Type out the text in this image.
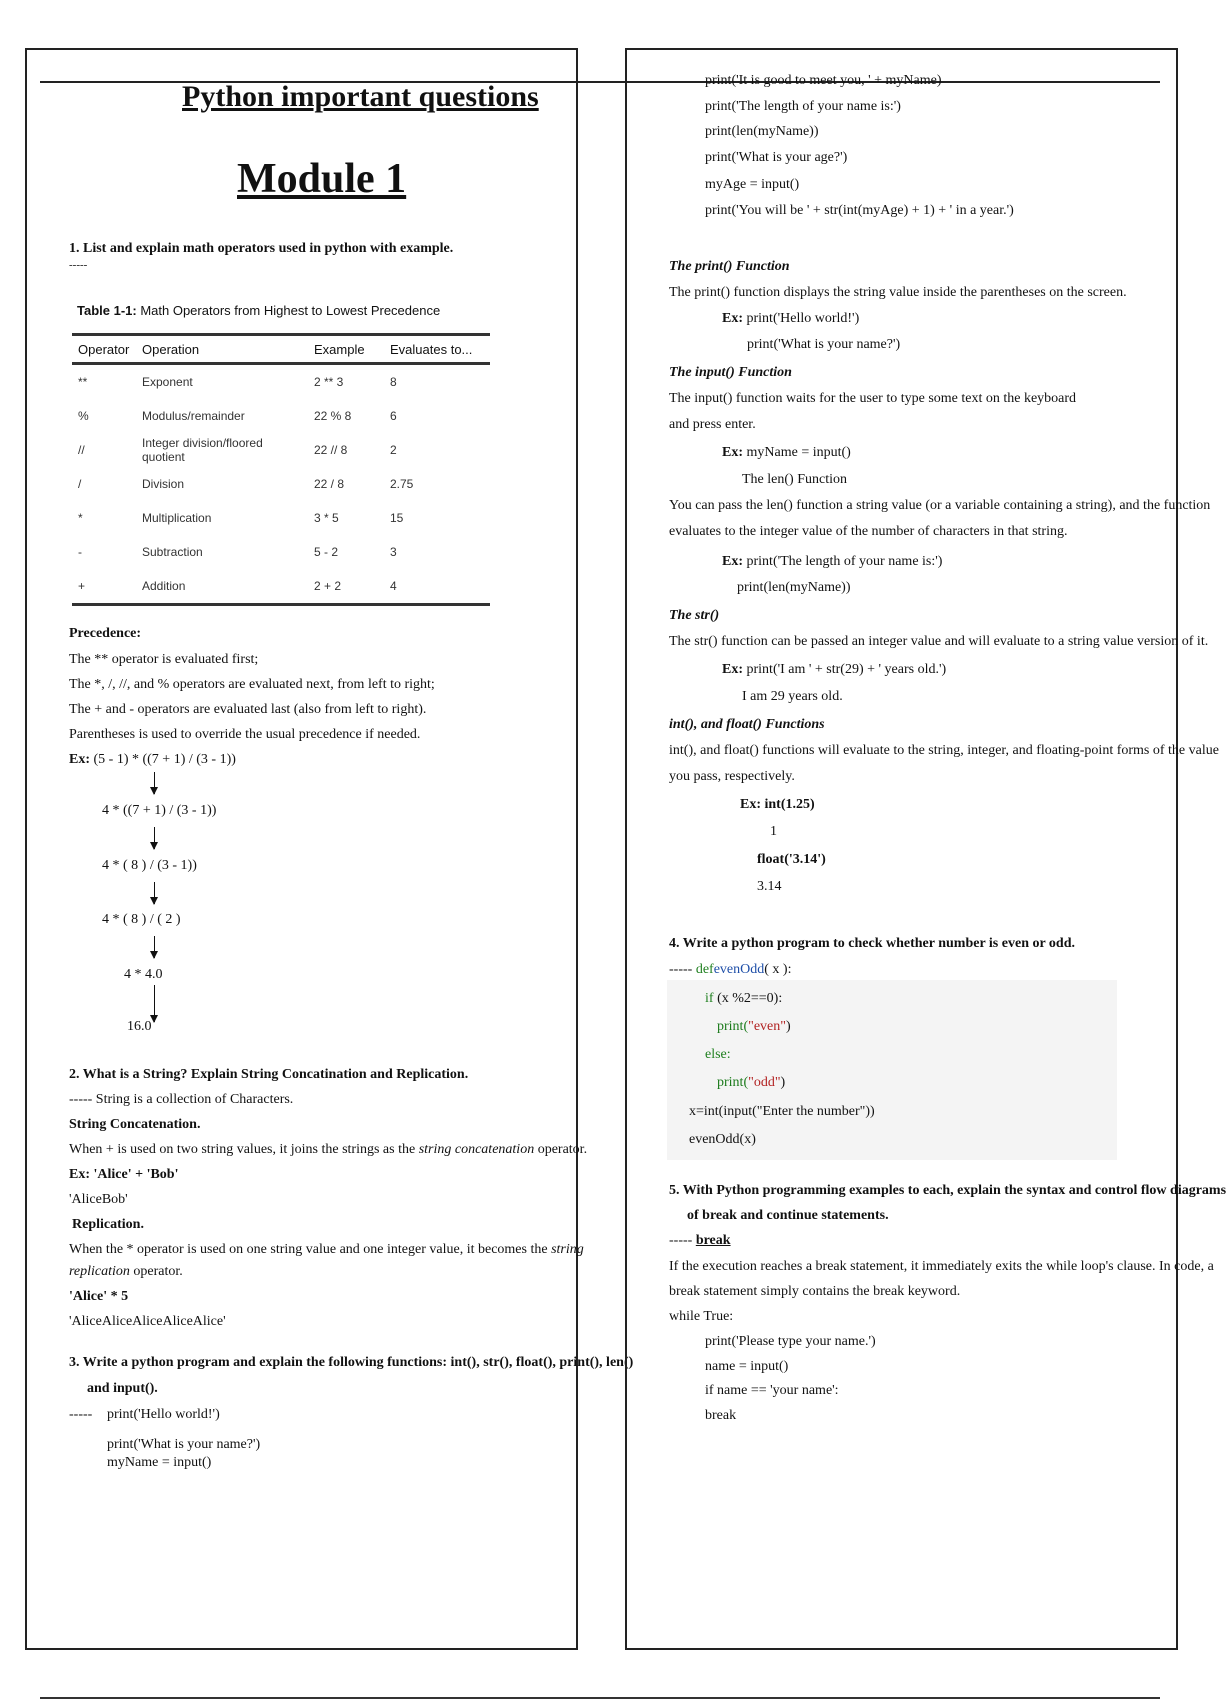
Python important questions
Module 1
1. List and explain math operators used in python with example.
-----
Table 1-1: Math Operators from Highest to Lowest Precedence
Operator	Operation	Example	Evaluates to...
**	Exponent	2 ** 3	8
%	Modulus/remainder	22 % 8	6
//	Integer division/floored quotient	22 // 8	2
/	Division	22 / 8	2.75
*	Multiplication	3 * 5	15
-	Subtraction	5 - 2	3
+	Addition	2 + 2	4
Precedence:
The ** operator is evaluated first;
The *, /, //, and % operators are evaluated next, from left to right;
The + and - operators are evaluated last (also from left to right).
Parentheses is used to override the usual precedence if needed.
Ex: (5 - 1) * ((7 + 1) / (3 - 1))
4 * ((7 + 1) / (3 - 1))
4 * ( 8 ) / (3 - 1))
4 * ( 8 ) / ( 2 )
4 * 4.0
16.0
2. What is a String? Explain String Concatination and Replication.
----- String is a collection of Characters.
String Concatenation.
When + is used on two string values, it joins the strings as the string concatenation operator.
Ex: 'Alice' + 'Bob'
'AliceBob'
Replication.
When the * operator is used on one string value and one integer value, it becomes the string
replication operator.
'Alice' * 5
'AliceAliceAliceAliceAlice'
3. Write a python program and explain the following functions: int(), str(), float(), print(), len()
and input().
----- print('Hello world!')
print('What is your name?')
myName = input()
print('It is good to meet you, ' + myName)
print('The length of your name is:')
print(len(myName))
print('What is your age?')
myAge = input()
print('You will be ' + str(int(myAge) + 1) + ' in a year.')
The print() Function
The print() function displays the string value inside the parentheses on the screen.
Ex: print('Hello world!')
print('What is your name?')
The input() Function
The input() function waits for the user to type some text on the keyboard
and press enter.
Ex: myName = input()
The len() Function
You can pass the len() function a string value (or a variable containing a string), and the function
evaluates to the integer value of the number of characters in that string.
Ex: print('The length of your name is:')
print(len(myName))
The str()
The str() function can be passed an integer value and will evaluate to a string value version of it.
Ex: print('I am ' + str(29) + ' years old.')
I am 29 years old.
int(), and float() Functions
int(), and float() functions will evaluate to the string, integer, and floating-point forms of the value
you pass, respectively.
Ex: int(1.25)
1
float('3.14')
3.14
4. Write a python program to check whether number is even or odd.
----- defevenOdd( x ):
if (x %2==0):
print("even")
else:
print("odd")
x=int(input("Enter the number"))
evenOdd(x)
5. With Python programming examples to each, explain the syntax and control flow diagrams
of break and continue statements.
----- break
If the execution reaches a break statement, it immediately exits the while loop's clause. In code, a
break statement simply contains the break keyword.
while True:
print('Please type your name.')
name = input()
if name == 'your name':
break
